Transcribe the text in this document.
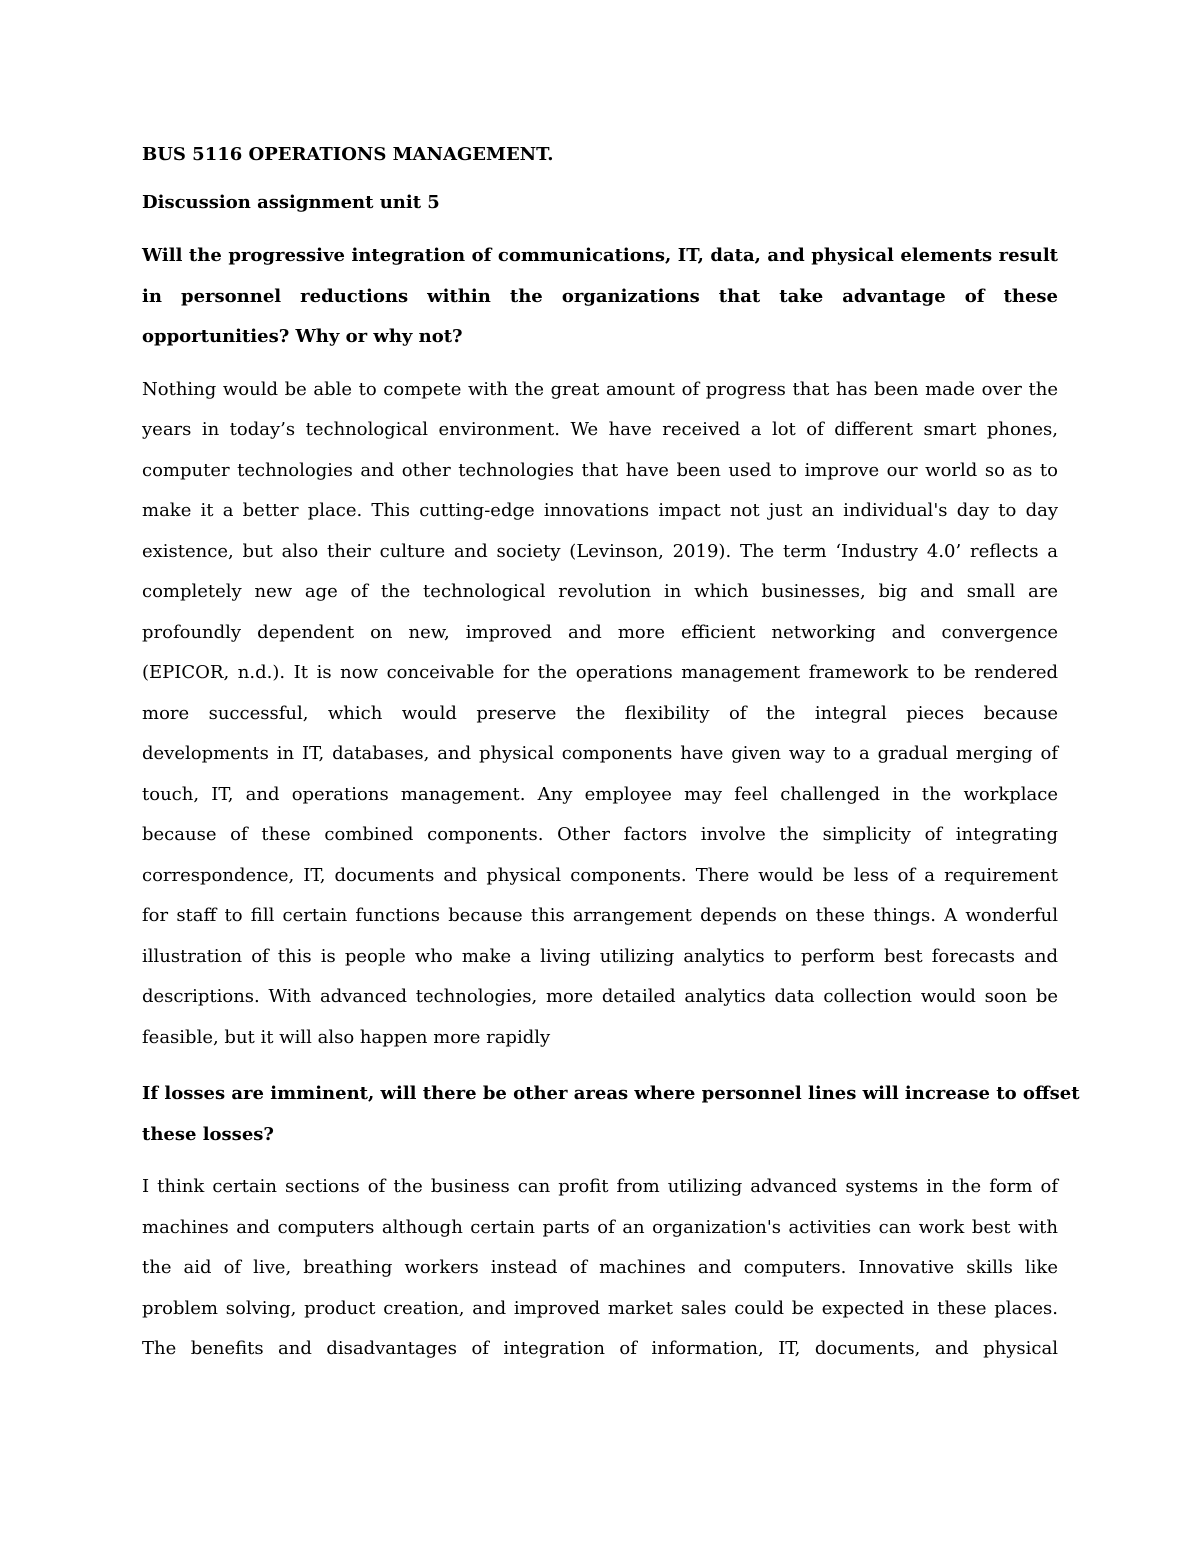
BUS 5116 OPERATIONS MANAGEMENT.

Discussion assignment unit 5

Will the progressive integration of communications, IT, data, and physical elements result

in personnel reductions within the organizations that take advantage of these

opportunities? Why or why not?

Nothing would be able to compete with the great amount of progress that has been made over the

years in today’s technological environment. We have received a lot of different smart phones,

computer technologies and other technologies that have been used to improve our world so as to

make it a better place. This cutting-edge innovations impact not just an individual's day to day

existence, but also their culture and society (Levinson, 2019). The term ‘Industry 4.0’ reflects a

completely new age of the technological revolution in which businesses, big and small are

profoundly dependent on new, improved and more efficient networking and convergence

(EPICOR, n.d.). It is now conceivable for the operations management framework to be rendered

more successful, which would preserve the flexibility of the integral pieces because

developments in IT, databases, and physical components have given way to a gradual merging of

touch, IT, and operations management. Any employee may feel challenged in the workplace

because of these combined components. Other factors involve the simplicity of integrating

correspondence, IT, documents and physical components. There would be less of a requirement

for staff to fill certain functions because this arrangement depends on these things. A wonderful

illustration of this is people who make a living utilizing analytics to perform best forecasts and

descriptions. With advanced technologies, more detailed analytics data collection would soon be

feasible, but it will also happen more rapidly

If losses are imminent, will there be other areas where personnel lines will increase to offset

these losses?

I think certain sections of the business can profit from utilizing advanced systems in the form of

machines and computers although certain parts of an organization's activities can work best with

the aid of live, breathing workers instead of machines and computers. Innovative skills like

problem solving, product creation, and improved market sales could be expected in these places.

The benefits and disadvantages of integration of information, IT, documents, and physical
